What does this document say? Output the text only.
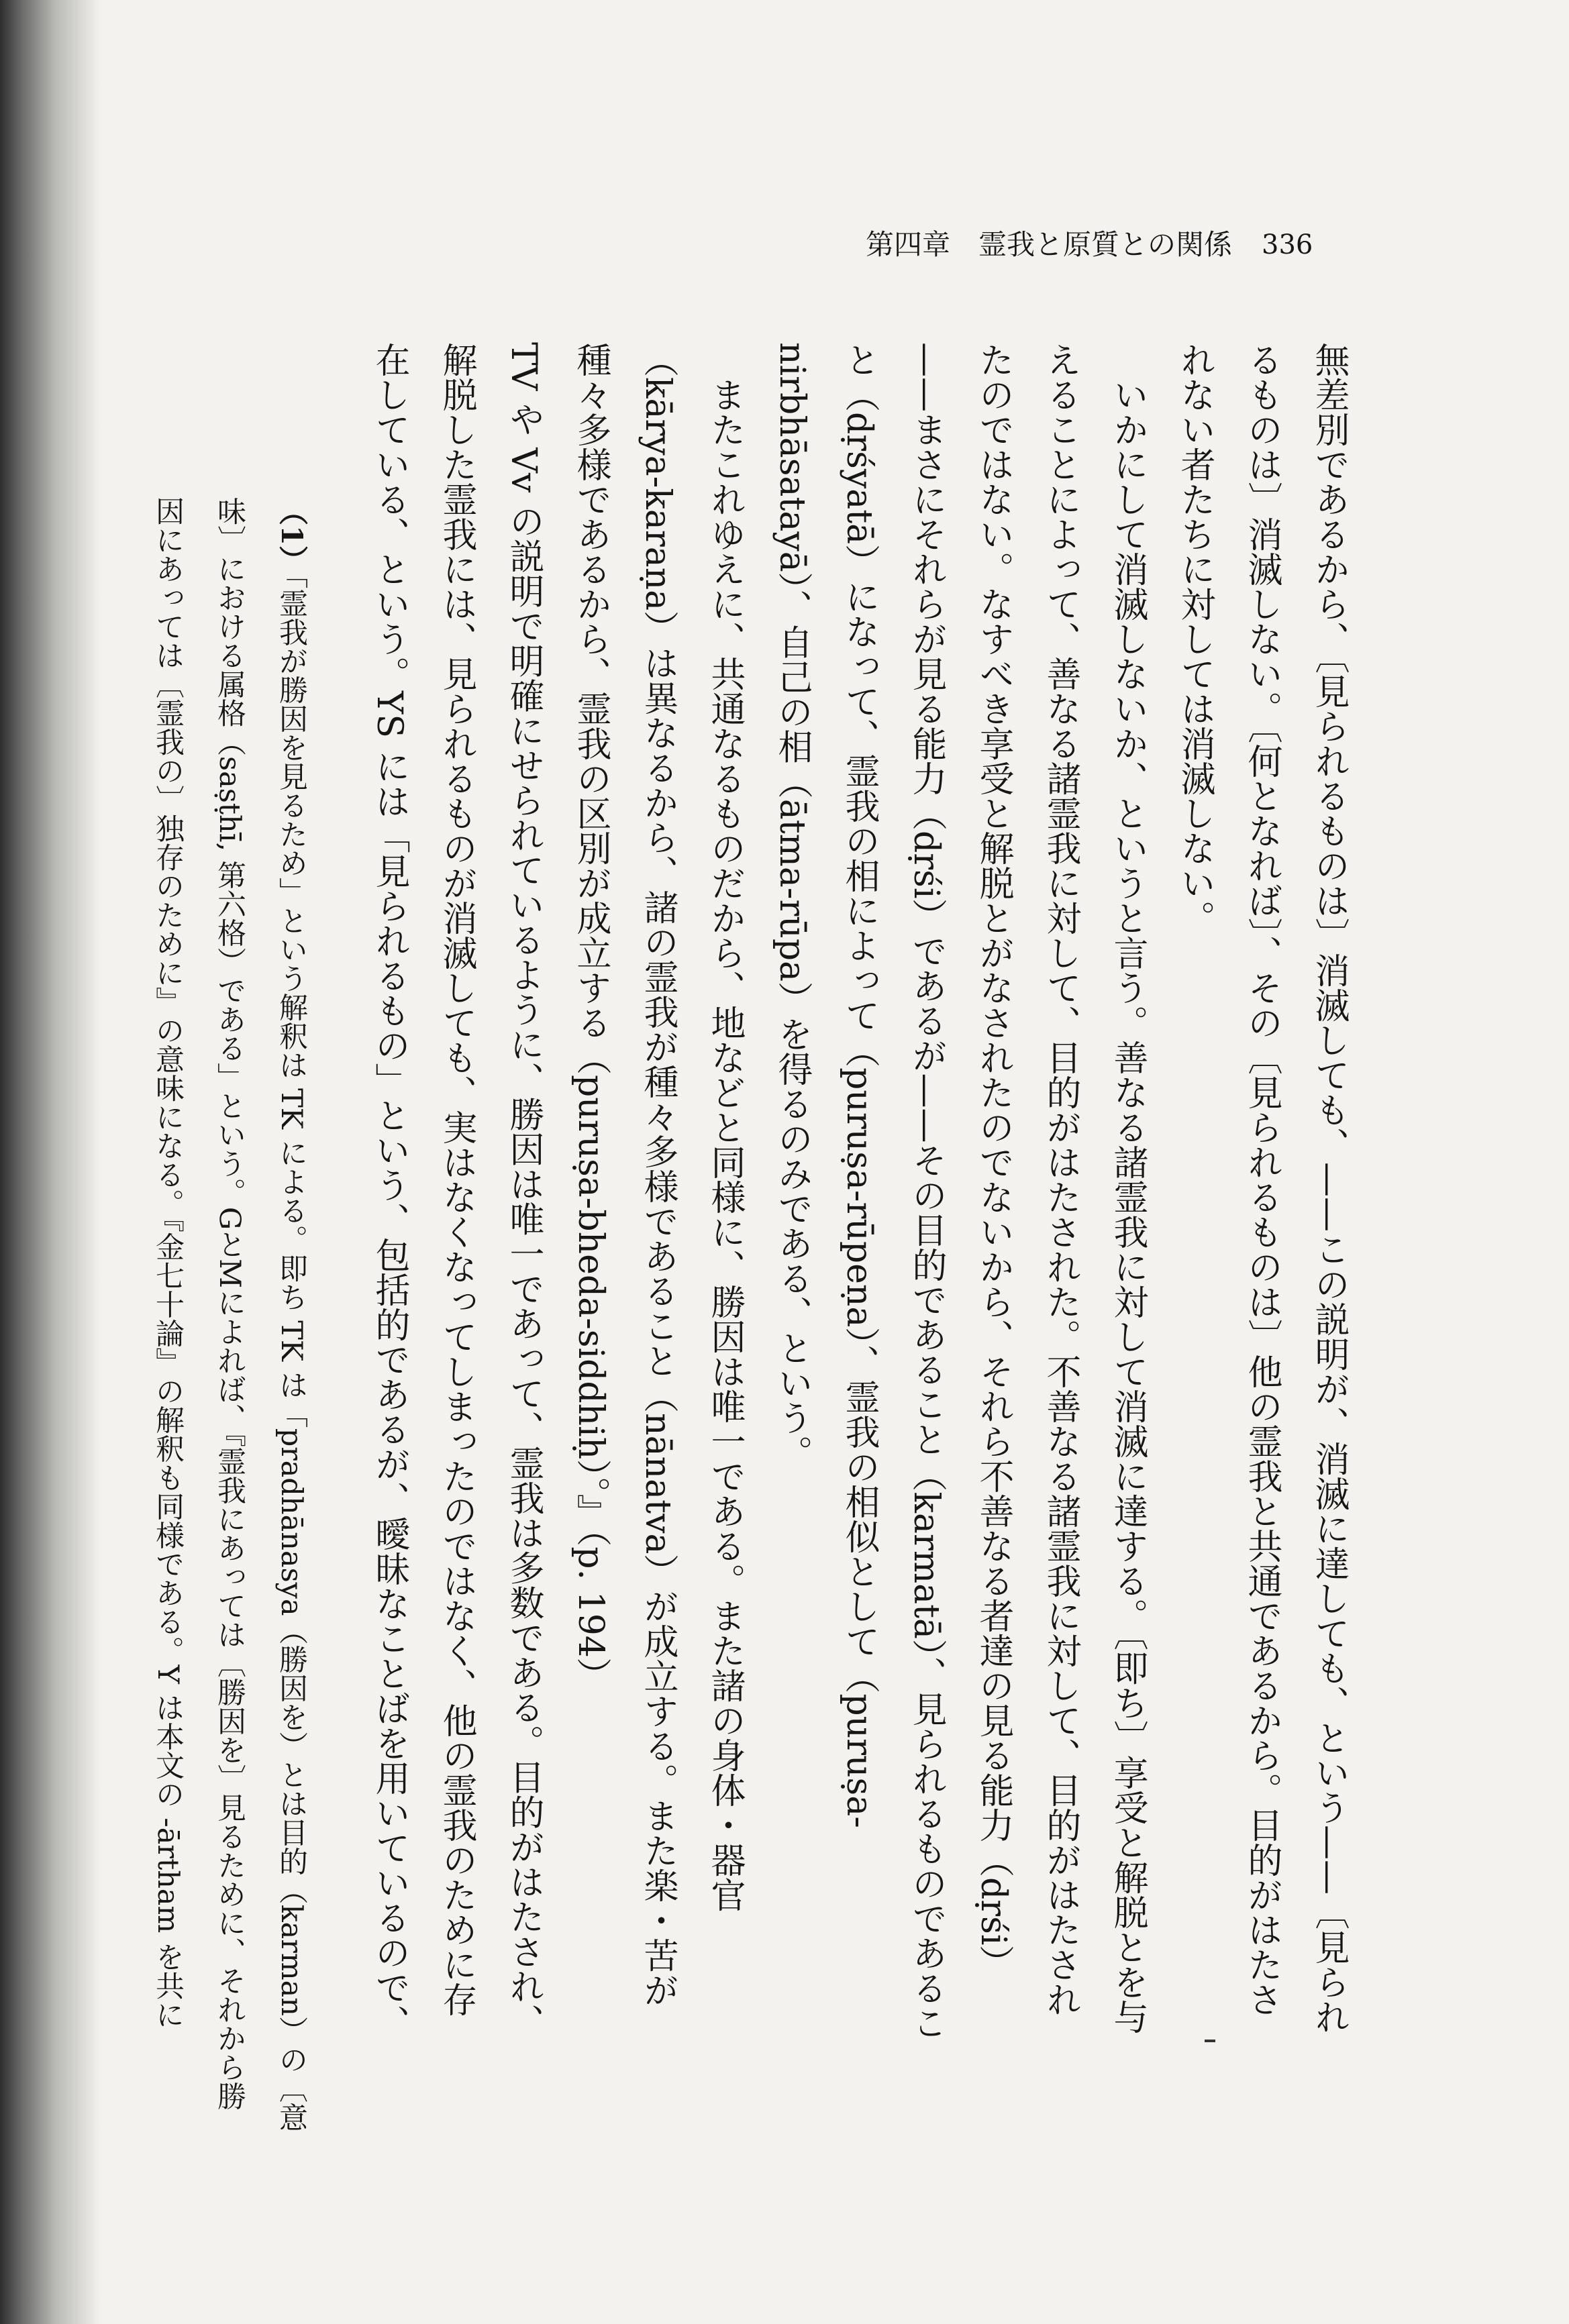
第四章　霊我と原質との関係 336

無差別であるから、〔見られるものは〕消滅しても、——この説明が、消滅に達しても、という——〔見られるものは〕消滅しない。〔何となれば〕、その〔見られるものは〕他の霊我と共通であるから。目的がはたされない者たちに対しては消滅しない。

いかにして消滅しないか、というと言う。善なる諸霊我に対して消滅に達する。〔即ち〕享受と解脱とを与えることによって、善なる諸霊我に対して、目的がはたされた。不善なる諸霊我に対して、目的がはたされたのではない。なすべき享受と解脱とがなされたのでないから、それら不善なる者達の見る能力（dṛśi）——まさにそれらが見る能力（dṛśi）であるが——その目的であること（karmatā）、見られるものであること（dṛśyatā）になって、霊我の相によって（puruṣa-rūpeṇa）、霊我の相似として（puruṣa-nirbhāsatayā）、自己の相（ātma-rūpa）を得るのみである、という。

またこれゆえに、共通なるものだから、地などと同様に、勝因は唯一である。また諸の身体・器官（kārya-karaṇa）は異なるから、諸の霊我が種々多様であること（nānatva）が成立する。また楽・苦が種々多様であるから、霊我の区別が成立する（puruṣa-bheda-siddhiḥ）。』（p. 194）

TV や Vv の説明で明確にせられているように、勝因は唯一であって、霊我は多数である。目的がはたされ、解脱した霊我には、見られるものが消滅しても、実はなくなってしまったのではなく、他の霊我のために存在している、という。YS には「見られるもの」という、包括的であるが、曖昧なことばを用いているので、

（1）「霊我が勝因を見るため」という解釈は TK による。即ち TK は「pradhānasya（勝因を）とは目的（karman）の〔意味〕における属格（saṣṭhī, 第六格）である」という。GとMによれば、『霊我にあっては〔勝因を〕見るために、それから勝因にあっては〔霊我の〕独存のために』の意味になる。『金七十論』の解釈も同様である。Y は本文の -ārtham を共に
